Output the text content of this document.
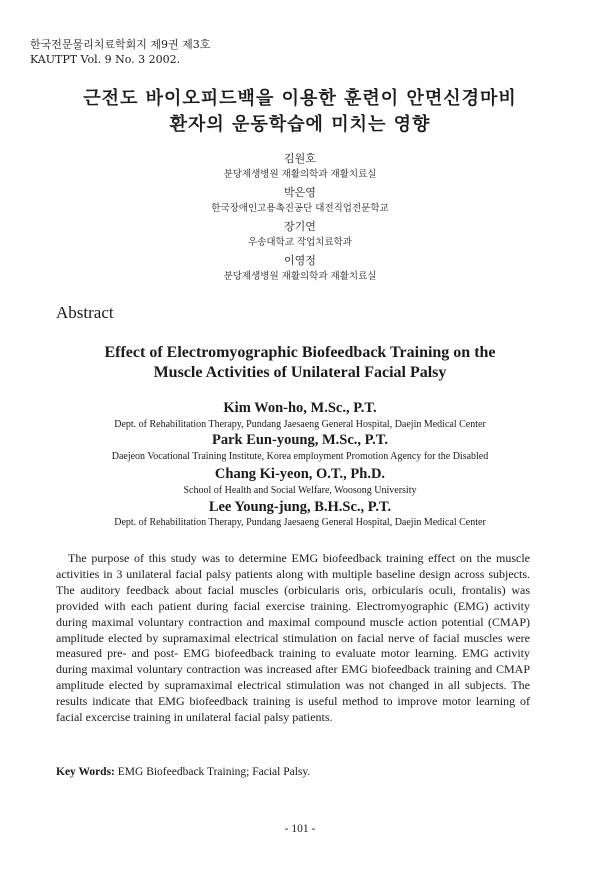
한국전문물리치료학회지 제9권 제3호
KAUTPT Vol. 9 No. 3 2002.
근전도 바이오피드백을 이용한 훈련이 안면신경마비
환자의 운동학습에 미치는 영향
김원호
분당제생병원 재활의학과 재활치료실
박은영
한국장애인고용촉진공단 대전직업전문학교
장기연
우송대학교 작업치료학과
이영정
분당제생병원 재활의학과 재활치료실
Abstract
Effect of Electromyographic Biofeedback Training on the
Muscle Activities of Unilateral Facial Palsy
Kim Won-ho, M.Sc., P.T.
Dept. of Rehabilitation Therapy, Pundang Jaesaeng General Hospital, Daejin Medical Center
Park Eun-young, M.Sc., P.T.
Daejeon Vocational Training Institute, Korea employment Promotion Agency for the Disabled
Chang Ki-yeon, O.T., Ph.D.
School of Health and Social Welfare, Woosong University
Lee Young-jung, B.H.Sc., P.T.
Dept. of Rehabilitation Therapy, Pundang Jaesaeng General Hospital, Daejin Medical Center
The purpose of this study was to determine EMG biofeedback training effect on the muscle activities in 3 unilateral facial palsy patients along with multiple baseline design across subjects. The auditory feedback about facial muscles (orbicularis oris, orbicularis oculi, frontalis) was provided with each patient during facial exercise training. Electromyographic (EMG) activity during maximal voluntary contraction and maximal compound muscle action potential (CMAP) amplitude elected by supramaximal electrical stimulation on facial nerve of facial muscles were measured pre- and post- EMG biofeedback training to evaluate motor learning. EMG activity during maximal voluntary contraction was increased after EMG biofeedback training and CMAP amplitude elected by supramaximal electrical stimulation was not changed in all subjects. The results indicate that EMG biofeedback training is useful method to improve motor learning of facial excercise training in unilateral facial palsy patients.
Key Words: EMG Biofeedback Training; Facial Palsy.
- 101 -
